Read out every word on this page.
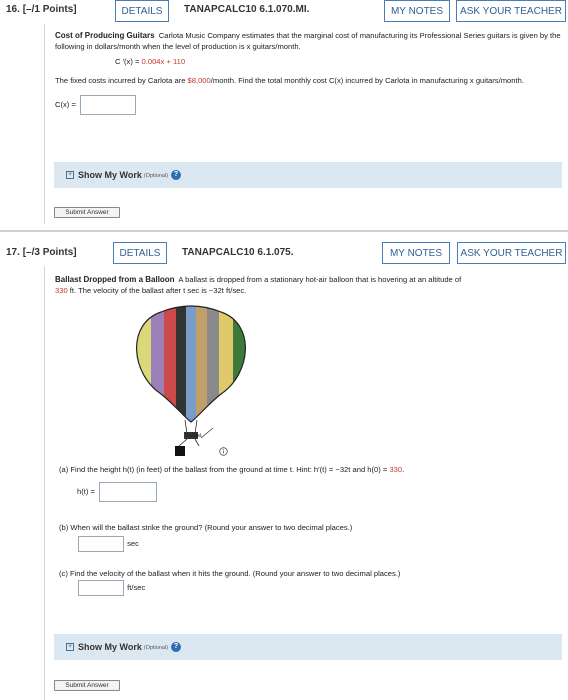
16. [–/1 Points]	DETAILS	TANAPCALC10 6.1.070.MI.	MY NOTES	ASK YOUR TEACHER
Cost of Producing Guitars Carlota Music Company estimates that the marginal cost of manufacturing its Professional Series guitars is given by the following in dollars/month when the level of production is x guitars/month.
C ′(x) = 0.004x + 110
The fixed costs incurred by Carlota are $8,000/month. Find the total monthly cost C(x) incurred by Carlota in manufacturing x guitars/month.
C(x) =
+ Show My Work (Optional) ?
Submit Answer
17. [–/3 Points]	DETAILS	TANAPCALC10 6.1.075.	MY NOTES	ASK YOUR TEACHER
Ballast Dropped from a Balloon A ballast is dropped from a stationary hot-air balloon that is hovering at an altitude of
330 ft. The velocity of the ballast after t sec is −32t ft/sec.
Ballast
(a) Find the height h(t) (in feet) of the ballast from the ground at time t. Hint: h′(t) = −32t and h(0) = 330.
h(t) =
(b) When will the ballast strike the ground? (Round your answer to two decimal places.)
sec
(c) Find the velocity of the ballast when it hits the ground. (Round your answer to two decimal places.)
ft/sec
+ Show My Work (Optional) ?
Submit Answer
